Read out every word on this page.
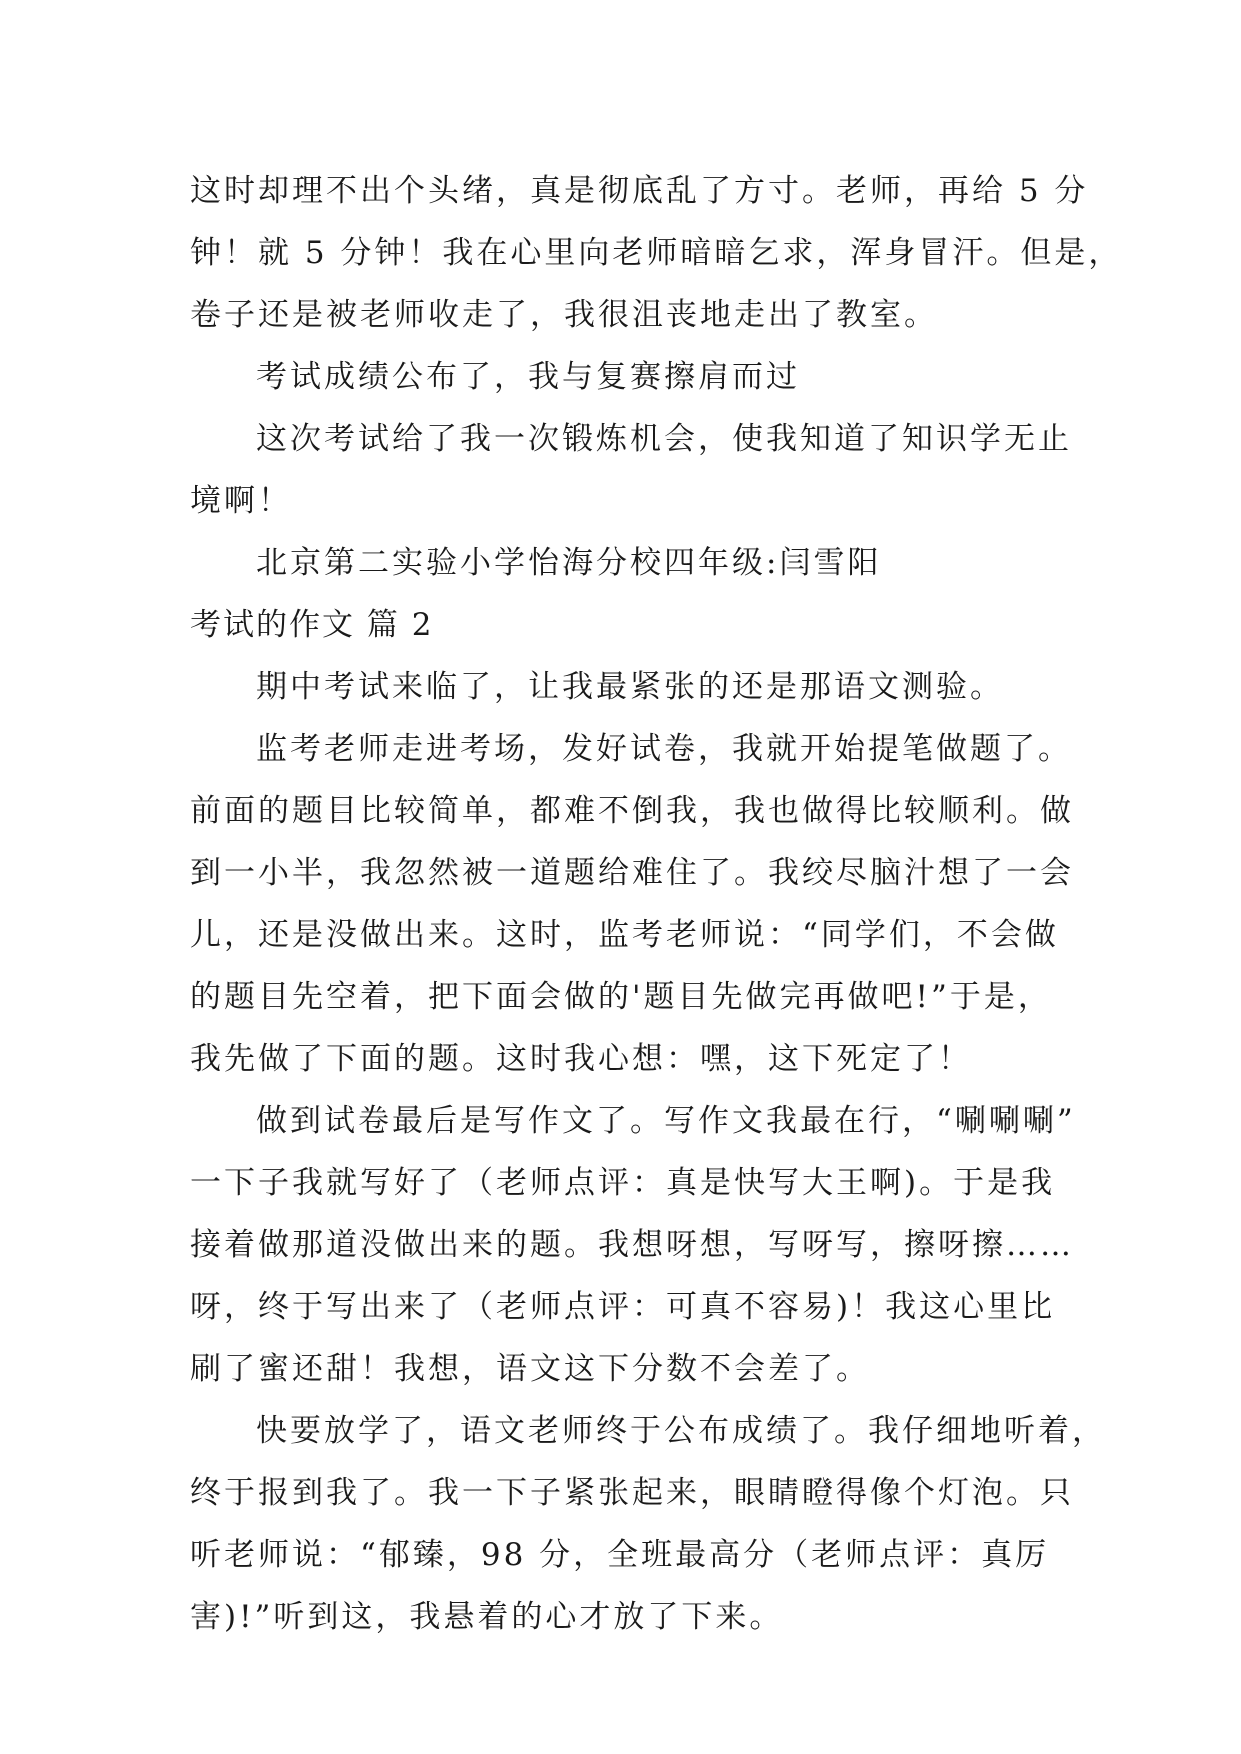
这时却理不出个头绪，真是彻底乱了方寸。老师，再给 5 分
钟！就 5 分钟！我在心里向老师暗暗乞求，浑身冒汗。但是，
卷子还是被老师收走了，我很沮丧地走出了教室。
考试成绩公布了，我与复赛擦肩而过
这次考试给了我一次锻炼机会，使我知道了知识学无止
境啊！
北京第二实验小学怡海分校四年级:闫雪阳
考试的作文 篇 2
期中考试来临了，让我最紧张的还是那语文测验。
监考老师走进考场，发好试卷，我就开始提笔做题了。
前面的题目比较简单，都难不倒我，我也做得比较顺利。做
到一小半，我忽然被一道题给难住了。我绞尽脑汁想了一会
儿，还是没做出来。这时，监考老师说：“同学们，不会做
的题目先空着，把下面会做的'题目先做完再做吧!”于是，
我先做了下面的题。这时我心想：嘿，这下死定了！
做到试卷最后是写作文了。写作文我最在行，“唰唰唰”
一下子我就写好了（老师点评：真是快写大王啊)。于是我
接着做那道没做出来的题。我想呀想，写呀写，擦呀擦……
呀，终于写出来了（老师点评：可真不容易)！我这心里比
刷了蜜还甜！我想，语文这下分数不会差了。
快要放学了，语文老师终于公布成绩了。我仔细地听着，
终于报到我了。我一下子紧张起来，眼睛瞪得像个灯泡。只
听老师说：“郁臻，98 分，全班最高分（老师点评：真厉
害)!”听到这，我悬着的心才放了下来。
